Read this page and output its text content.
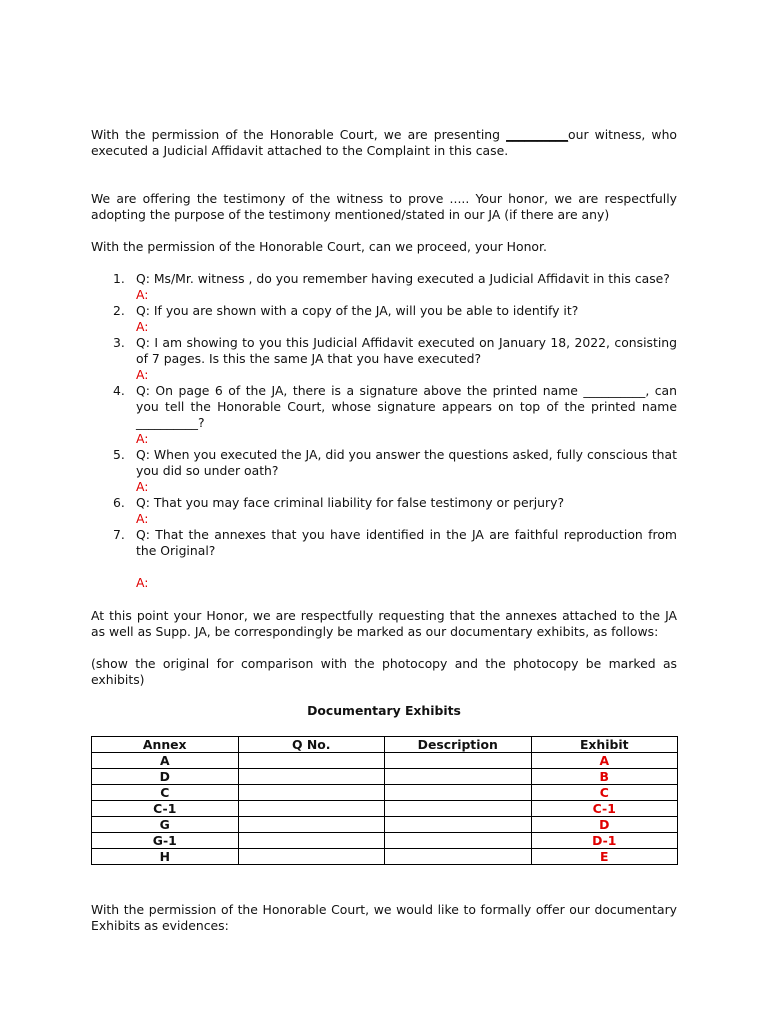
With the permission of the Honorable Court, we are presenting __________our witness, who executed a Judicial Affidavit attached to the Complaint in this case.

We are offering the testimony of the witness to prove ..... Your honor, we are respectfully adopting the purpose of the testimony mentioned/stated in our JA (if there are any)

With the permission of the Honorable Court, can we proceed, your Honor.

1. Q: Ms/Mr. witness , do you remember having executed a Judicial Affidavit in this case?
A:
2. Q: If you are shown with a copy of the JA, will you be able to identify it?
A:
3. Q: I am showing to you this Judicial Affidavit executed on January 18, 2022, consisting of 7 pages. Is this the same JA that you have executed?
A:
4. Q: On page 6 of the JA, there is a signature above the printed name __________, can you tell the Honorable Court, whose signature appears on top of the printed name __________?
A:
5. Q: When you executed the JA, did you answer the questions asked, fully conscious that you did so under oath?
A:
6. Q: That you may face criminal liability for false testimony or perjury?
A:
7. Q: That the annexes that you have identified in the JA are faithful reproduction from the Original?
A:

At this point your Honor, we are respectfully requesting that the annexes attached to the JA as well as Supp. JA, be correspondingly be marked as our documentary exhibits, as follows:

(show the original for comparison with the photocopy and the photocopy be marked as exhibits)

Documentary Exhibits

Annex	Q No.	Description	Exhibit
A			A
D			B
C			C
C-1			C-1
G			D
G-1			D-1
H			E

With the permission of the Honorable Court, we would like to formally offer our documentary Exhibits as evidences:
